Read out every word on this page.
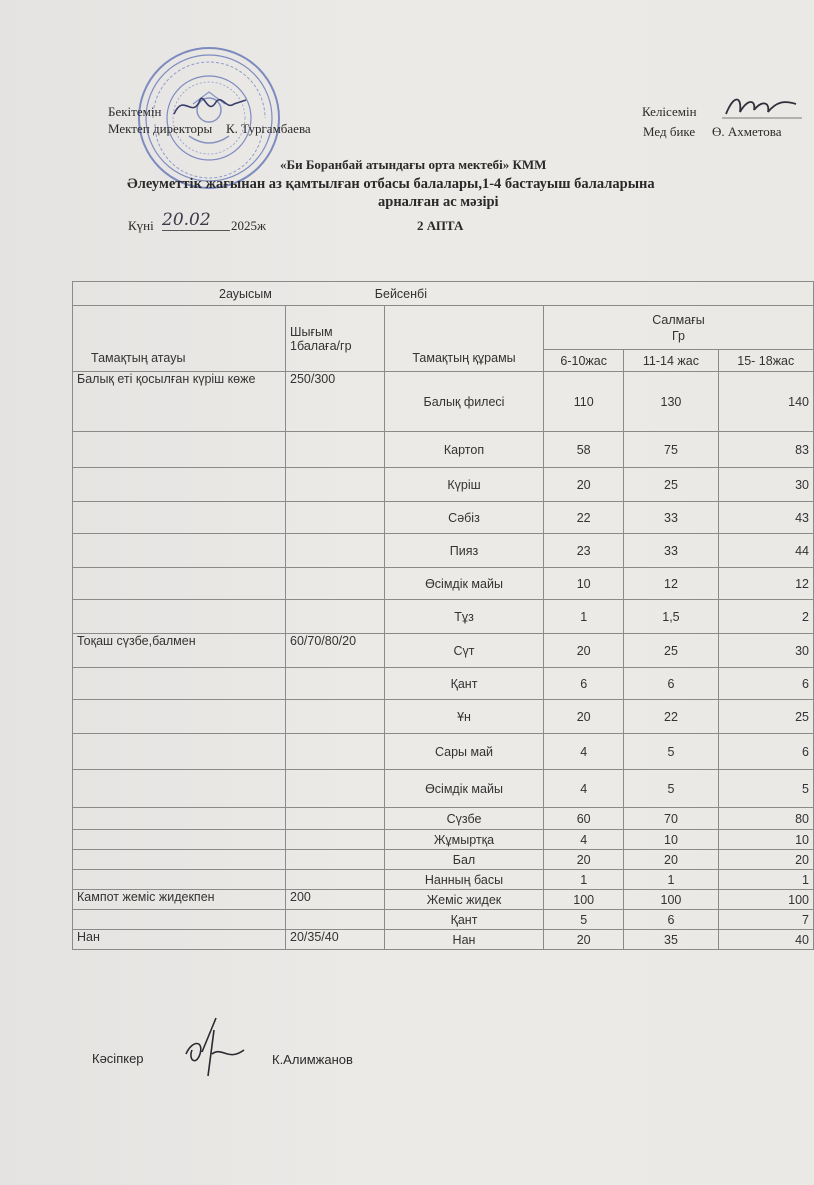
Бекітемін
Мектеп директоры К. Тургамбаева
Келісемін
Мед бике Ө. Ахметова
«Би Боранбай атындағы орта мектебі» КММ
Әлеуметтік жағынан аз қамтылған отбасы балалары,1-4 бастауыш балаларына
арналған ас мәзірі
Күні 20.02	2025ж	2 АПТА
2ауысым Бейсенбі					
Тамақтың атауы	Шығым 1балаға/гр	Тамақтың құрамы	Салмағы
Гр		

			6-10жас	11-14 жас	15- 18жас
Балық еті қосылған күріш көже	250/300	Балық филесі	110	130	140
		Картоп	58	75	83
		Күріш	20	25	30
		Сәбіз	22	33	43
		Пияз	23	33	44
		Өсімдік майы	10	12	12
		Тұз	1	1,5	2
Тоқаш сүзбе,балмен	60/70/80/20	Сүт	20	25	30
		Қант	6	6	6
		Ұн	20	22	25
		Сары май	4	5	6
		Өсімдік майы	4	5	5
		Сүзбе	60	70	80
		Жұмыртқа	4	10	10
		Бал	20	20	20
		Нанның басы	1	1	1
Кампот жеміс жидекпен	200	Жеміс жидек	100	100	100
		Қант	5	6	7
Нан	20/35/40	Нан	20	35	40
Кәсіпкер	К.Алимжанов
